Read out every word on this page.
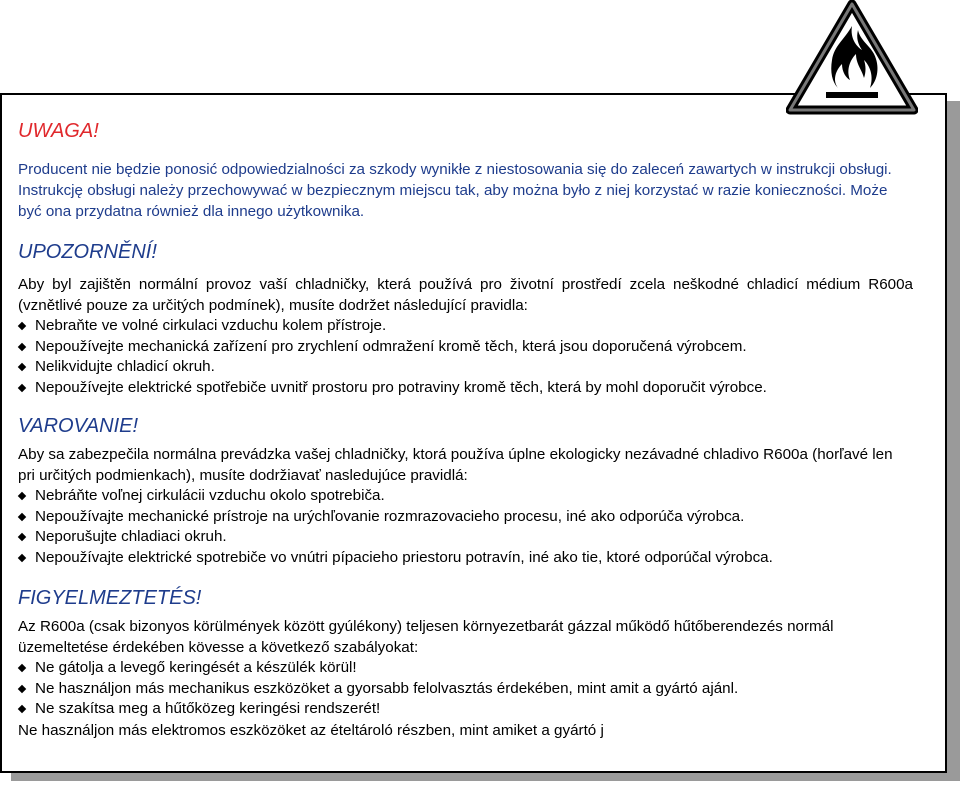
UWAGA!

Producent nie będzie ponosić odpowiedzialności za szkody wynikłe z niestosowania się do zaleceń zawartych w instrukcji obsługi. Instrukcję obsługi należy przechowywać w bezpiecznym miejscu tak, aby można było z niej korzystać w razie konieczności. Może być ona przydatna również dla innego użytkownika.

UPOZORNĚNÍ!

Aby byl zajištěn normální provoz vaší chladničky, která používá pro životní prostředí zcela neškodné chladicí médium R600a (vznětlivé pouze za určitých podmínek), musíte dodržet následující pravidla:

Nebraňte ve volné cirkulaci vzduchu kolem přístroje.
Nepoužívejte mechanická zařízení pro zrychlení odmražení kromě těch, která jsou doporučená výrobcem.
Nelikvidujte chladicí okruh.
Nepoužívejte elektrické spotřebiče uvnitř prostoru pro potraviny kromě těch, která by mohl doporučit výrobce.

VAROVANIE!

Aby sa zabezpečila normálna prevádzka vašej chladničky, ktorá používa úplne ekologicky nezávadné chladivo R600a (horľavé len pri určitých podmienkach), musíte dodržiavať nasledujúce pravidlá:

Nebráňte voľnej cirkulácii vzduchu okolo spotrebiča.
Nepoužívajte mechanické prístroje na urýchľovanie rozmrazovacieho procesu, iné ako odporúča výrobca.
Neporušujte chladiaci okruh.
Nepoužívajte elektrické spotrebiče vo vnútri pípacieho priestoru potravín, iné ako tie, ktoré odporúčal výrobca.

FIGYELMEZTETÉS!

Az R600a (csak bizonyos körülmények között gyúlékony) teljesen környezetbarát gázzal működő hűtőberendezés normál üzemeltetése érdekében kövesse a következő szabályokat:

Ne gátolja a levegő keringését a készülék körül!
Ne használjon más mechanikus eszközöket a gyorsabb felolvasztás érdekében, mint amit a gyártó ajánl.
Ne szakítsa meg a hűtőközeg keringési rendszerét!

Ne használjon más elektromos eszközöket az ételtároló részben, mint amiket a gyártó j
